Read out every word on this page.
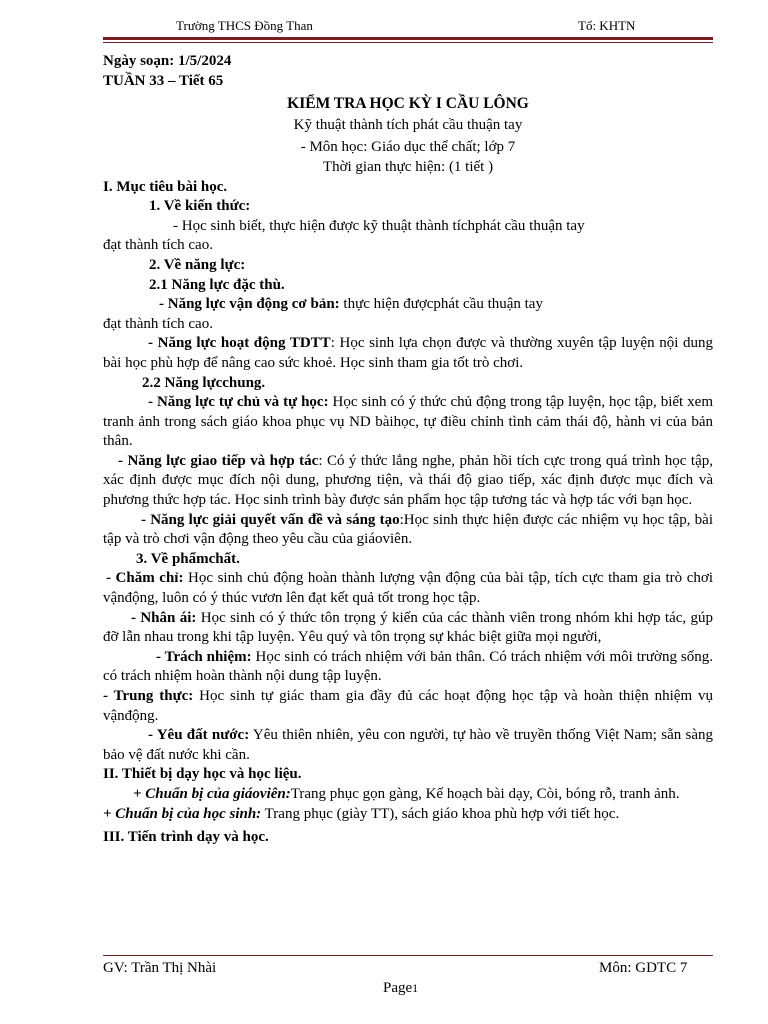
Trường THCS Đồng Than	Tổ: KHTN

Ngày soạn: 1/5/2024

TUẦN 33 – Tiết 65

KIỂM TRA HỌC KỲ I CẦU LÔNG

Kỹ thuật thành tích phát cầu thuận tay

- Môn học: Giáo dục thể chất; lớp 7

Thời gian thực hiện: (1 tiết )

I. Mục tiêu bài học.

1. Về kiến thức:

- Học sinh biết, thực hiện được kỹ thuật thành tíchphát cầu thuận tay

đạt thành tích cao.

2. Về năng lực:

2.1 Năng lực đặc thù.

- Năng lực vận động cơ bản: thực hiện đượcphát cầu thuận tay

đạt thành tích cao.

- Năng lực hoạt động TDTT: Học sinh lựa chọn được và thường xuyên tập luyện nội dung bài học phù hợp để nâng cao sức khoẻ. Học sinh tham gia tốt trò chơi.

2.2 Năng lựcchung.

- Năng lực tự chủ và tự học: Học sinh có ý thức chủ động trong tập luyện, học tập, biết xem tranh ảnh trong sách giáo khoa phục vụ ND bàihọc, tự điều chỉnh tình cảm thái độ, hành vi của bản thân.

- Năng lực giao tiếp và hợp tác: Có ý thức lắng nghe, phản hồi tích cực trong quá trình học tập, xác định được mục đích nội dung, phương tiện, và thái độ giao tiếp, xác định được mục đích và phương thức hợp tác. Học sinh trình bày được sản phẩm học tập tương tác và hợp tác với bạn học.

- Năng lực giải quyết vấn đề và sáng tạo:Học sinh thực hiện được các nhiệm vụ học tập, bài tập và trò chơi vận động theo yêu cầu của giáoviên.

3. Về phẩmchất.

- Chăm chỉ: Học sinh chủ động hoàn thành lượng vận động của bài tập, tích cực tham gia trò chơi vậnđộng, luôn có ý thúc vươn lên đạt kết quả tốt trong học tập.

- Nhân ái: Học sinh có ý thức tôn trọng ý kiến của các thành viên trong nhóm khi hợp tác, gúp đỡ lẫn nhau trong khi tập luyện. Yêu quý và tôn trọng sự khác biệt giữa mọi người,

- Trách nhiệm: Học sinh có trách nhiệm với bản thân. Có trách nhiệm với môi trường sống. có trách nhiệm hoàn thành nội dung tập luyện.

- Trung thực: Học sinh tự giác tham gia đầy đủ các hoạt động học tập và hoàn thiện nhiệm vụ vậnđộng.

- Yêu đất nước: Yêu thiên nhiên, yêu con người, tự hào về truyền thống Việt Nam; sẵn sàng bảo vệ đất nước khi cần.

II. Thiết bị dạy học và học liệu.

+ Chuẩn bị của giáoviên:Trang phục gọn gàng, Kế hoạch bài dạy, Còi, bóng rỗ, tranh ảnh.

+ Chuẩn bị của học sinh: Trang phục (giày TT), sách giáo khoa phù hợp với tiết học.

III. Tiến trình dạy và học.

GV: Trần Thị Nhài	Môn: GDTC 7
Page1
